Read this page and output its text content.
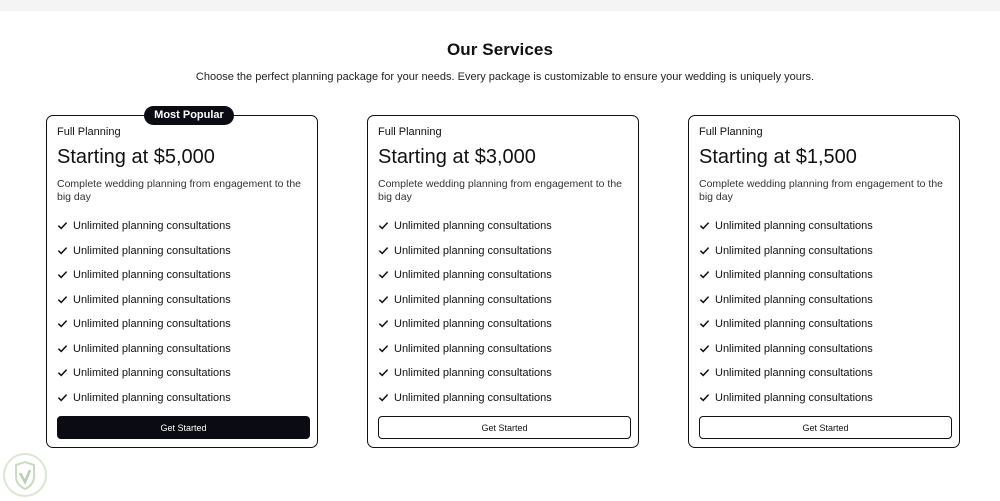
Our Services

Choose the perfect planning package for your needs. Every package is customizable to ensure your wedding is uniquely yours.

Most Popular
Full Planning
Starting at $5,000
Complete wedding planning from engagement to the big day
Unlimited planning consultations
Unlimited planning consultations
Unlimited planning consultations
Unlimited planning consultations
Unlimited planning consultations
Unlimited planning consultations
Unlimited planning consultations
Unlimited planning consultations
Get Started
Full Planning
Starting at $3,000
Complete wedding planning from engagement to the big day
Unlimited planning consultations
Unlimited planning consultations
Unlimited planning consultations
Unlimited planning consultations
Unlimited planning consultations
Unlimited planning consultations
Unlimited planning consultations
Unlimited planning consultations
Get Started
Full Planning
Starting at $1,500
Complete wedding planning from engagement to the big day
Unlimited planning consultations
Unlimited planning consultations
Unlimited planning consultations
Unlimited planning consultations
Unlimited planning consultations
Unlimited planning consultations
Unlimited planning consultations
Unlimited planning consultations
Get Started
